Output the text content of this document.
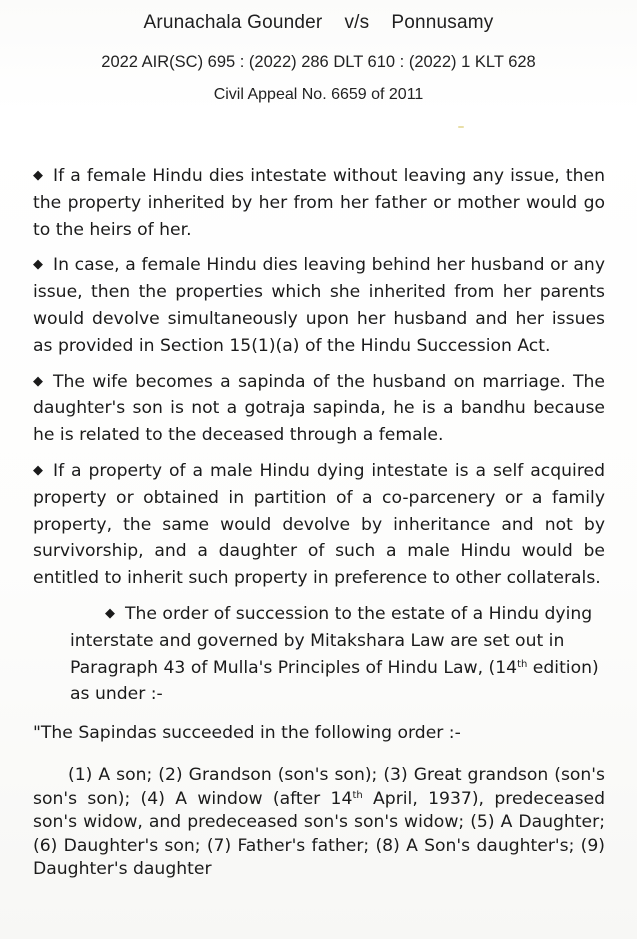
Arunachala Gounder v/s Ponnusamy
2022 AIR(SC) 695 : (2022) 286 DLT 610 : (2022) 1 KLT 628
Civil Appeal No. 6659 of 2011

◆ If a female Hindu dies intestate without leaving any issue, then the property inherited by her from her father or mother would go to the heirs of her.

◆ In case, a female Hindu dies leaving behind her husband or any issue, then the properties which she inherited from her parents would devolve simultaneously upon her husband and her issues as provided in Section 15(1)(a) of the Hindu Succession Act.

◆ The wife becomes a sapinda of the husband on marriage. The daughter's son is not a gotraja sapinda, he is a bandhu because he is related to the deceased through a female.

◆ If a property of a male Hindu dying intestate is a self acquired property or obtained in partition of a co-parcenery or a family property, the same would devolve by inheritance and not by survivorship, and a daughter of such a male Hindu would be entitled to inherit such property in preference to other collaterals.

◆ The order of succession to the estate of a Hindu dying interstate and governed by Mitakshara Law are set out in Paragraph 43 of Mulla's Principles of Hindu Law, (14th edition) as under :-

"The Sapindas succeeded in the following order :-

(1) A son; (2) Grandson (son's son); (3) Great grandson (son's son's son); (4) A window (after 14th April, 1937), predeceased son's widow, and predeceased son's son's widow; (5) A Daughter; (6) Daughter's son; (7) Father's father; (8) A Son's daughter's; (9) Daughter's daughter
